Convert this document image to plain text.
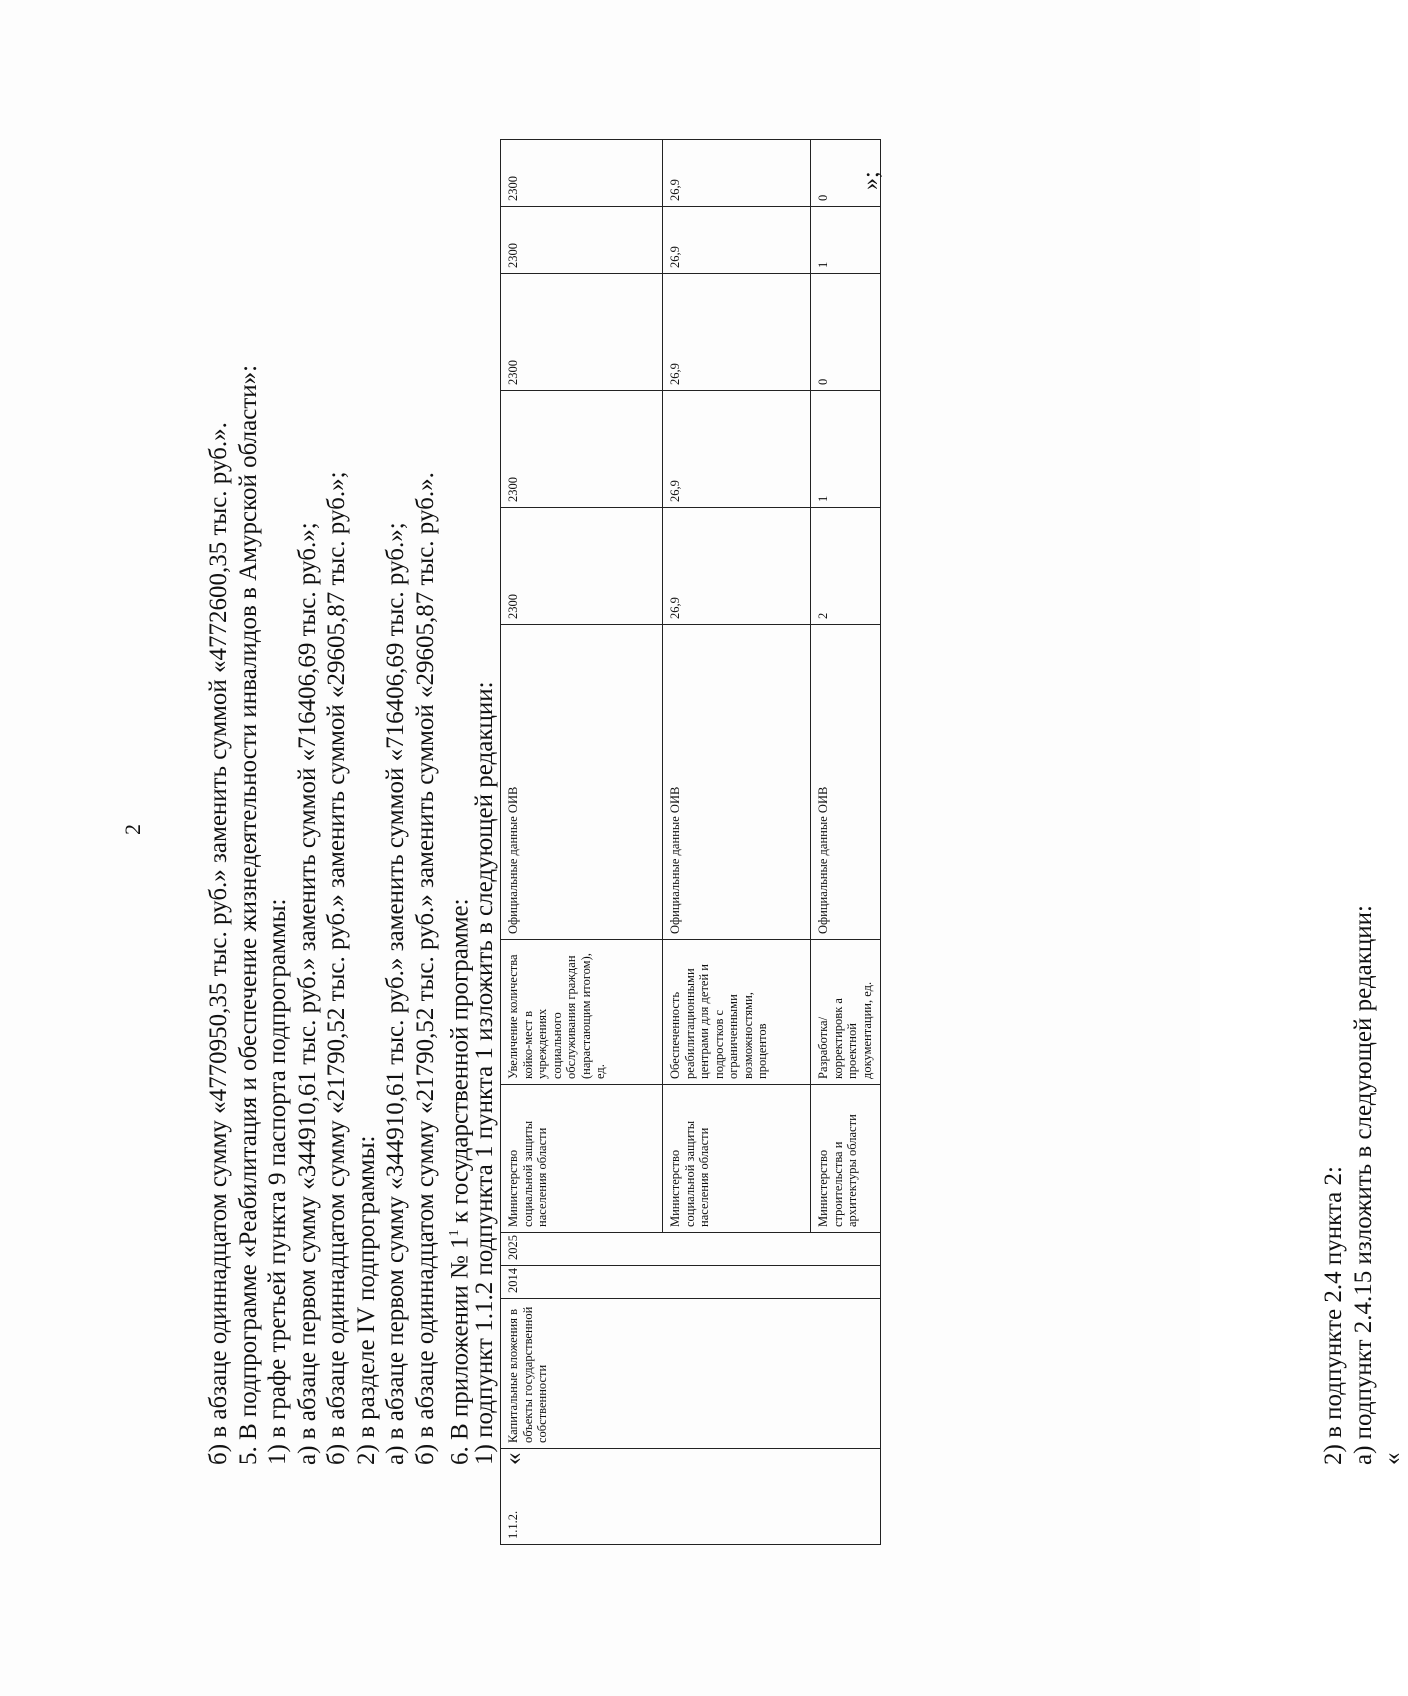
2 б) в абзаце одиннадцатом сумму «4770950,35 тыс. руб.» заменить суммой «4772600,35 тыс. руб.». 5. В подпрограмме «Реабилитация и обеспечение жизнедеятельности инвалидов в Амурской области»: 1) в графе третьей пункта 9 паспорта подпрограммы: а) в абзаце первом сумму «344910,61 тыс. руб.» заменить суммой «716406,69 тыс. руб.»; б) в абзаце одиннадцатом сумму «21790,52 тыс. руб.» заменить суммой «29605,87 тыс. руб.»; 2) в разделе IV подпрограммы: а) в абзаце первом сумму «344910,61 тыс. руб.» заменить суммой «716406,69 тыс. руб.»; б) в абзаце одиннадцатом сумму «21790,52 тыс. руб.» заменить суммой «29605,87 тыс. руб.». 6. В приложении № $1^1$ к государственной программе:
1) подпункт 1.1.2 подпункта 1 пункта 1 изложить в следующей редакции: «
1.1.2.	Капитальные вложения в объекты государственной собственности	2014	2025	Министерство социальной защиты населения области	Увеличение количества койко-мест в учреждениях социального обслуживания граждан (нарастающим итогом), ед.	Официальные данные ОИВ	2300	2300	2300	2300	2300
				Министерство социальной защиты населения области	Обеспеченность реабилитационными центрами для детей и подростков с ограниченными возможностями, процентов	Официальные данные ОИВ	26,9	26,9	26,9	26,9	26,9
				Министерство строительства и архитектуры области	Разработка/корректировк а проектной документации, ед.	Официальные данные ОИВ	2	1	0	1	0
»;
2) в подпункте 2.4 пункта 2: а) подпункт 2.4.15 изложить в следующей редакции: «
